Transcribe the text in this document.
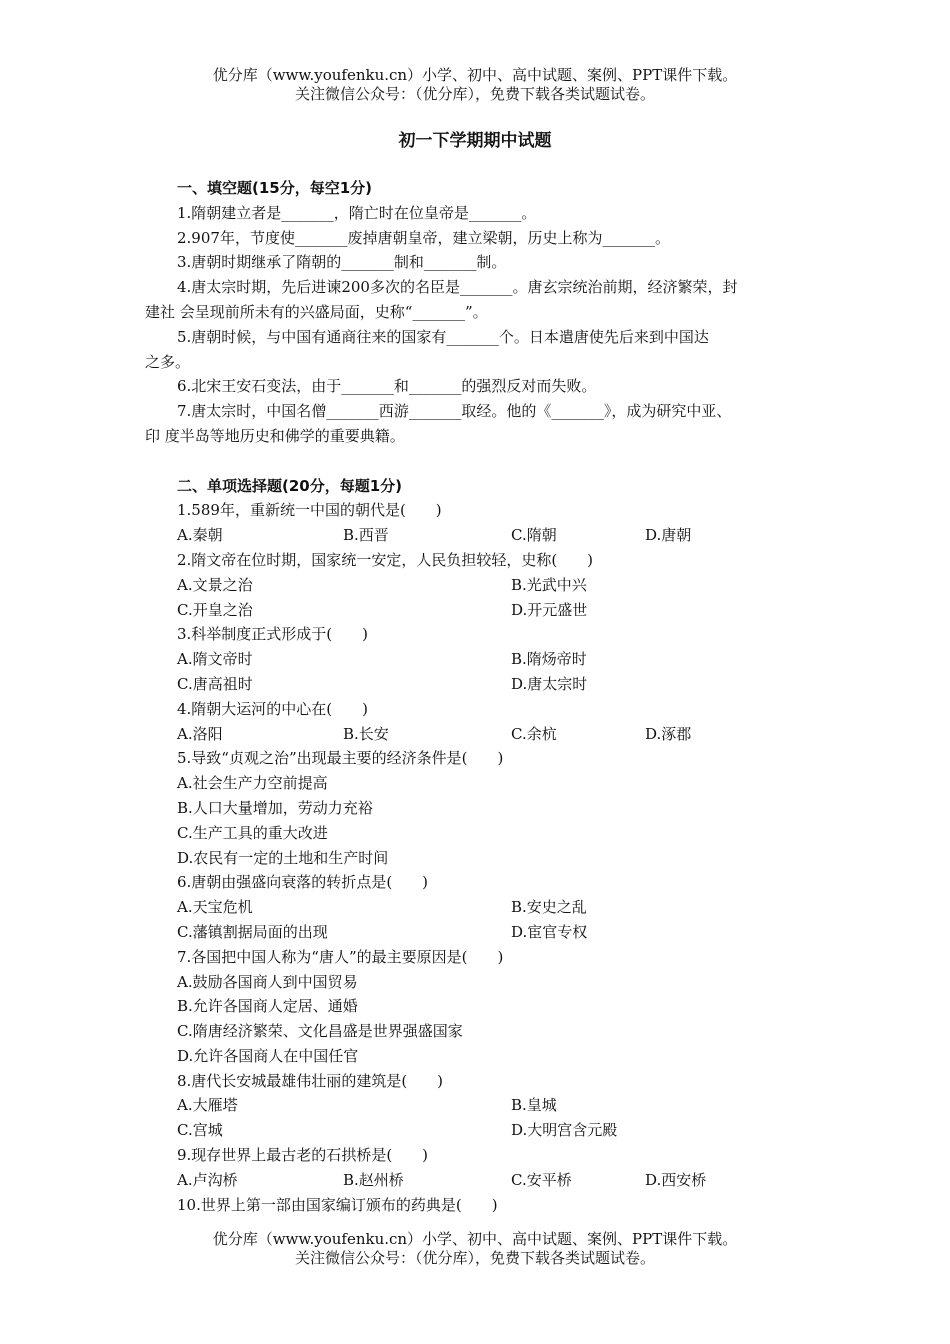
优分库（www.youfenku.cn）小学、初中、高中试题、案例、PPT课件下载。
关注微信公众号：（优分库），免费下载各类试题试卷。
初一下学期期中试题
一、填空题(15分，每空1分)
1.隋朝建立者是_______，隋亡时在位皇帝是_______。
2.907年，节度使_______废掉唐朝皇帝，建立梁朝，历史上称为_______。
3.唐朝时期继承了隋朝的_______制和_______制。
4.唐太宗时期，先后进谏200多次的名臣是_______。唐玄宗统治前期，经济繁荣，封
建社 会呈现前所未有的兴盛局面，史称“_______”。
5.唐朝时候，与中国有通商往来的国家有_______个。日本遣唐使先后来到中国达
之多。
6.北宋王安石变法，由于_______和_______的强烈反对而失败。
7.唐太宗时，中国名僧_______西游_______取经。他的《_______》，成为研究中亚、
印 度半岛等地历史和佛学的重要典籍。
二、单项选择题(20分，每题1分)
1.589年，重新统一中国的朝代是(　　)
A.秦朝	B.西晋	C.隋朝	D.唐朝
2.隋文帝在位时期，国家统一安定，人民负担较轻，史称(　　)
A.文景之治	B.光武中兴
C.开皇之治	D.开元盛世
3.科举制度正式形成于(　　)
A.隋文帝时	B.隋炀帝时
C.唐高祖时	D.唐太宗时
4.隋朝大运河的中心在(　　)
A.洛阳	B.长安	C.余杭	D.涿郡
5.导致“贞观之治”出现最主要的经济条件是(　　)
A.社会生产力空前提高
B.人口大量增加，劳动力充裕
C.生产工具的重大改进
D.农民有一定的土地和生产时间
6.唐朝由强盛向衰落的转折点是(　　)
A.天宝危机	B.安史之乱
C.藩镇割据局面的出现	D.宦官专权
7.各国把中国人称为“唐人”的最主要原因是(　　)
A.鼓励各国商人到中国贸易
B.允许各国商人定居、通婚
C.隋唐经济繁荣、文化昌盛是世界强盛国家
D.允许各国商人在中国任官
8.唐代长安城最雄伟壮丽的建筑是(　　)
A.大雁塔	B.皇城
C.宫城	D.大明宫含元殿
9.现存世界上最古老的石拱桥是(　　)
A.卢沟桥	B.赵州桥	C.安平桥	D.西安桥
10.世界上第一部由国家编订颁布的药典是(　　)
优分库（www.youfenku.cn）小学、初中、高中试题、案例、PPT课件下载。
关注微信公众号：（优分库），免费下载各类试题试卷。
